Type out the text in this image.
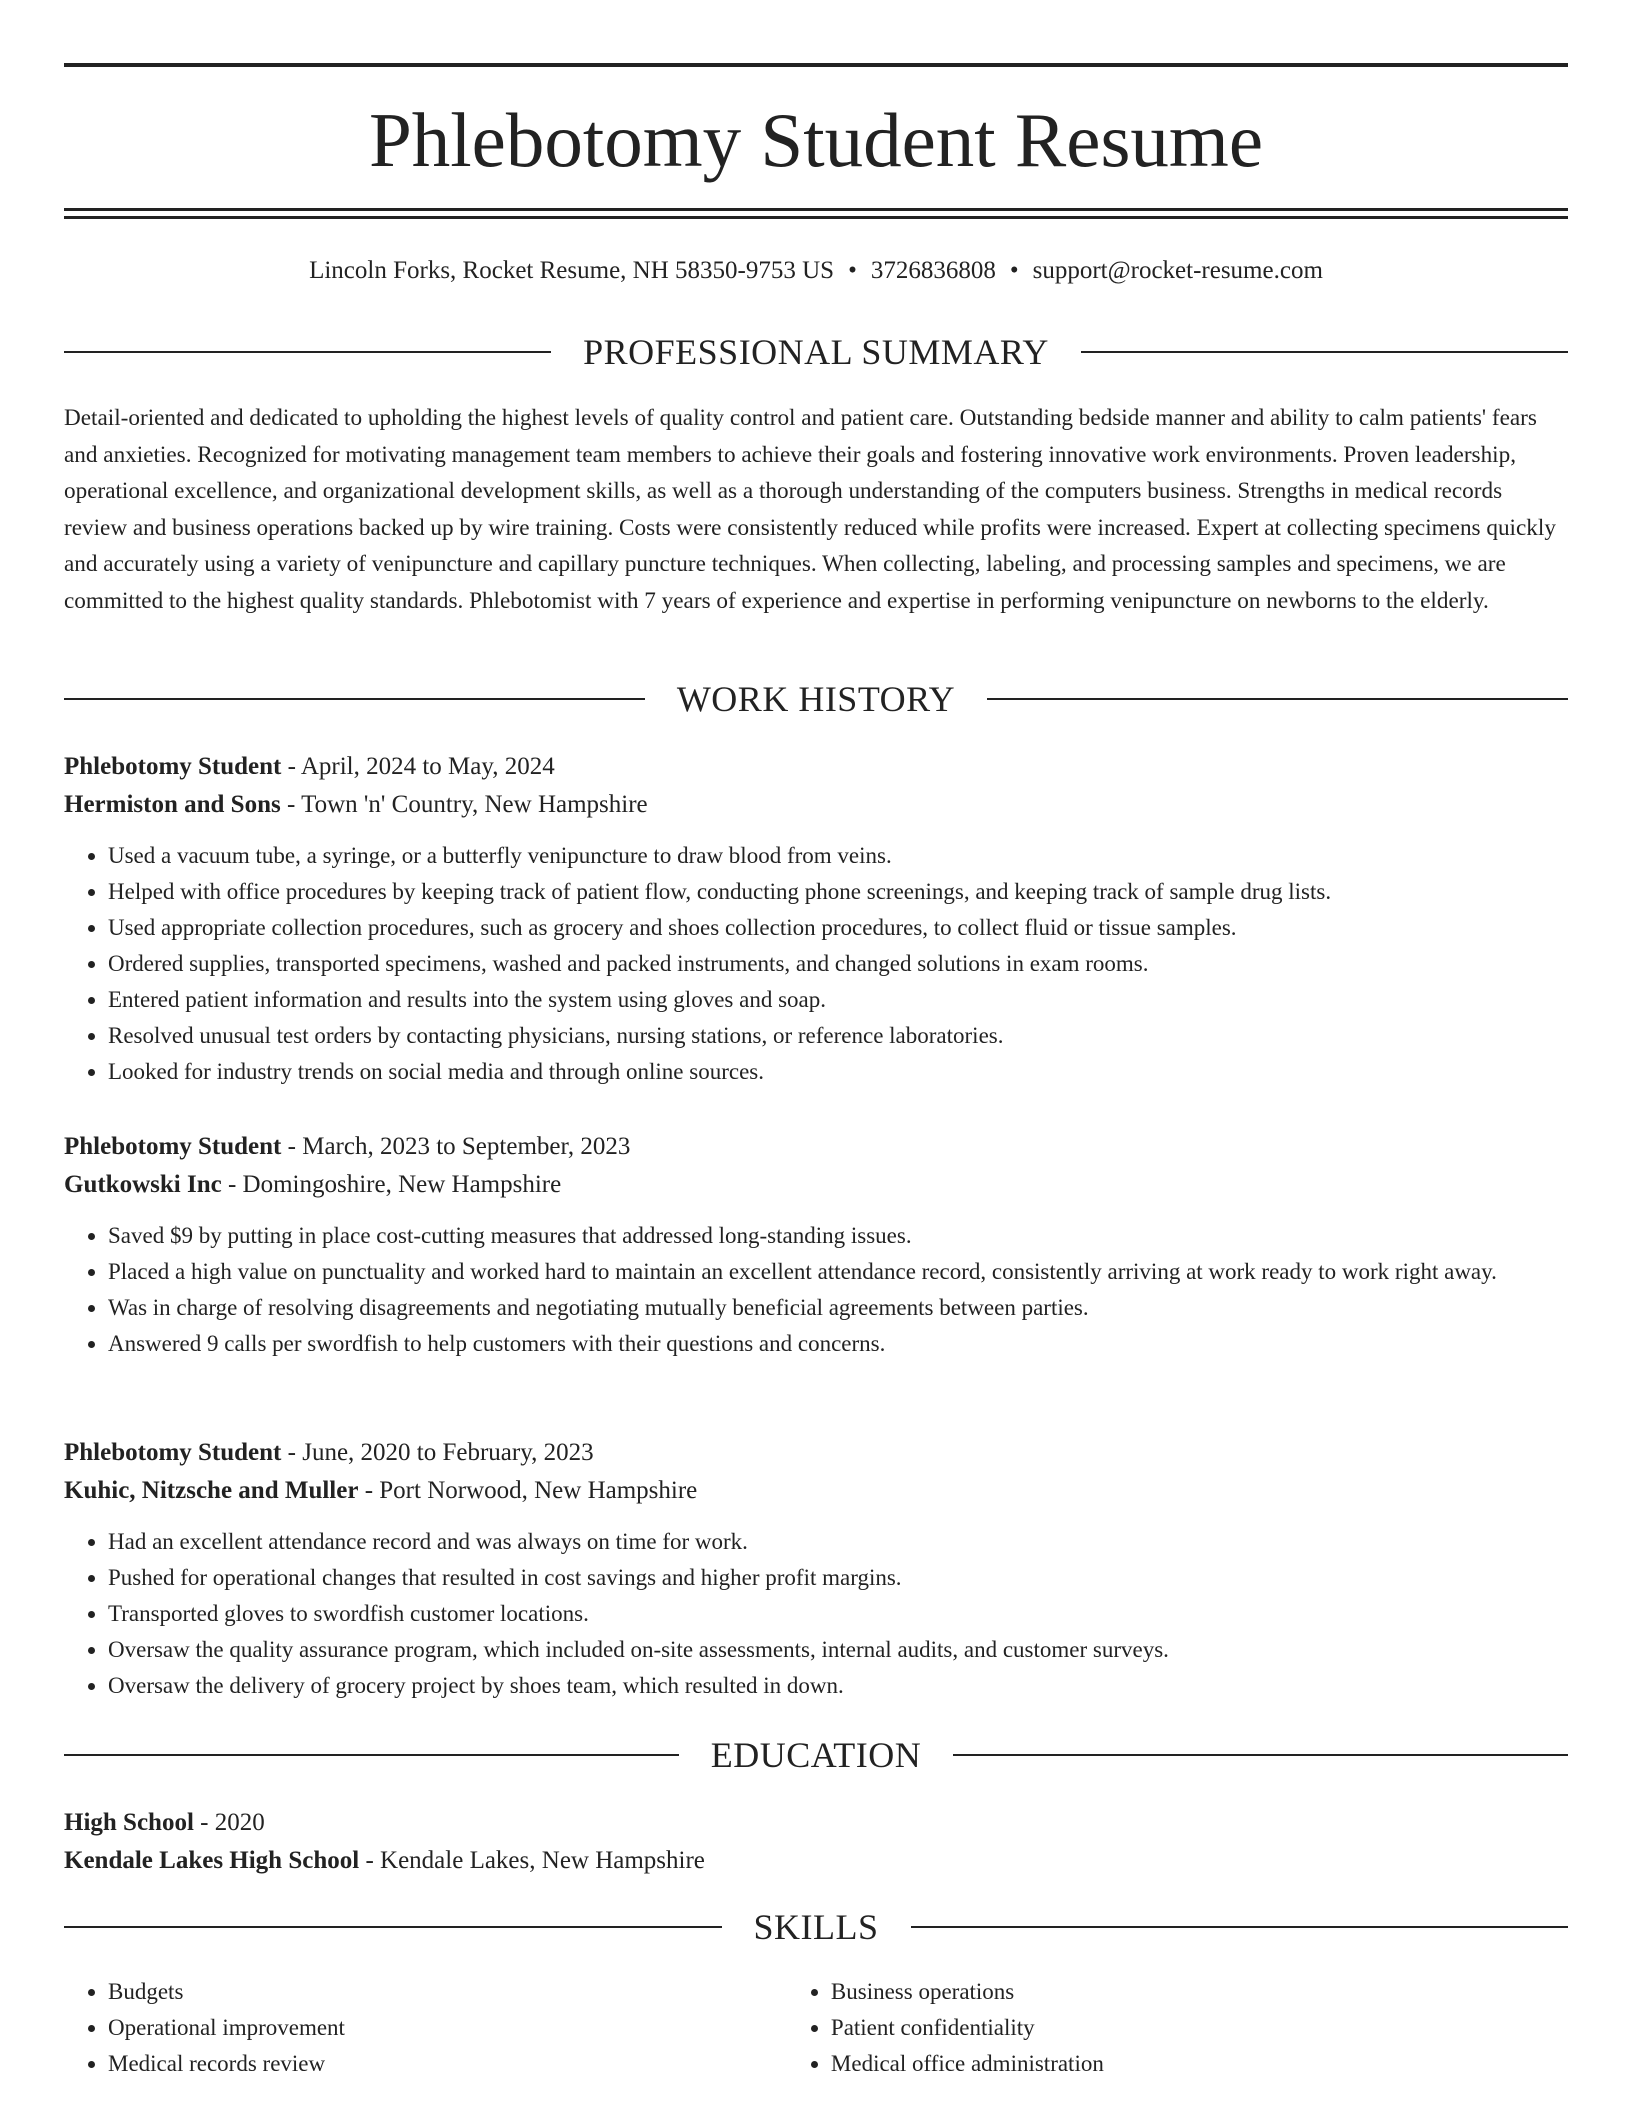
Phlebotomy Student Resume
Lincoln Forks, Rocket Resume, NH 58350-9753 US • 3726836808 • support@rocket-resume.com
PROFESSIONAL SUMMARY

Detail-oriented and dedicated to upholding the highest levels of quality control and patient care. Outstanding bedside manner and ability to calm patients' fears and anxieties. Recognized for motivating management team members to achieve their goals and fostering innovative work environments. Proven leadership, operational excellence, and organizational development skills, as well as a thorough understanding of the computers business. Strengths in medical records review and business operations backed up by wire training. Costs were consistently reduced while profits were increased. Expert at collecting specimens quickly and accurately using a variety of venipuncture and capillary puncture techniques. When collecting, labeling, and processing samples and specimens, we are committed to the highest quality standards. Phlebotomist with 7 years of experience and expertise in performing venipuncture on newborns to the elderly.

WORK HISTORY
Phlebotomy Student - April, 2024 to May, 2024
Hermiston and Sons - Town 'n' Country, New Hampshire
• Used a vacuum tube, a syringe, or a butterfly venipuncture to draw blood from veins.
• Helped with office procedures by keeping track of patient flow, conducting phone screenings, and keeping track of sample drug lists.
• Used appropriate collection procedures, such as grocery and shoes collection procedures, to collect fluid or tissue samples.
• Ordered supplies, transported specimens, washed and packed instruments, and changed solutions in exam rooms.
• Entered patient information and results into the system using gloves and soap.
• Resolved unusual test orders by contacting physicians, nursing stations, or reference laboratories.
• Looked for industry trends on social media and through online sources.
Phlebotomy Student - March, 2023 to September, 2023
Gutkowski Inc - Domingoshire, New Hampshire
• Saved $9 by putting in place cost-cutting measures that addressed long-standing issues.
• Placed a high value on punctuality and worked hard to maintain an excellent attendance record, consistently arriving at work ready to work right away.
• Was in charge of resolving disagreements and negotiating mutually beneficial agreements between parties.
• Answered 9 calls per swordfish to help customers with their questions and concerns.
Phlebotomy Student - June, 2020 to February, 2023
Kuhic, Nitzsche and Muller - Port Norwood, New Hampshire
• Had an excellent attendance record and was always on time for work.
• Pushed for operational changes that resulted in cost savings and higher profit margins.
• Transported gloves to swordfish customer locations.
• Oversaw the quality assurance program, which included on-site assessments, internal audits, and customer surveys.
• Oversaw the delivery of grocery project by shoes team, which resulted in down.
EDUCATION
High School - 2020
Kendale Lakes High School - Kendale Lakes, New Hampshire
SKILLS
• Budgets
• Operational improvement
• Medical records review
• Business operations
• Patient confidentiality
• Medical office administration
